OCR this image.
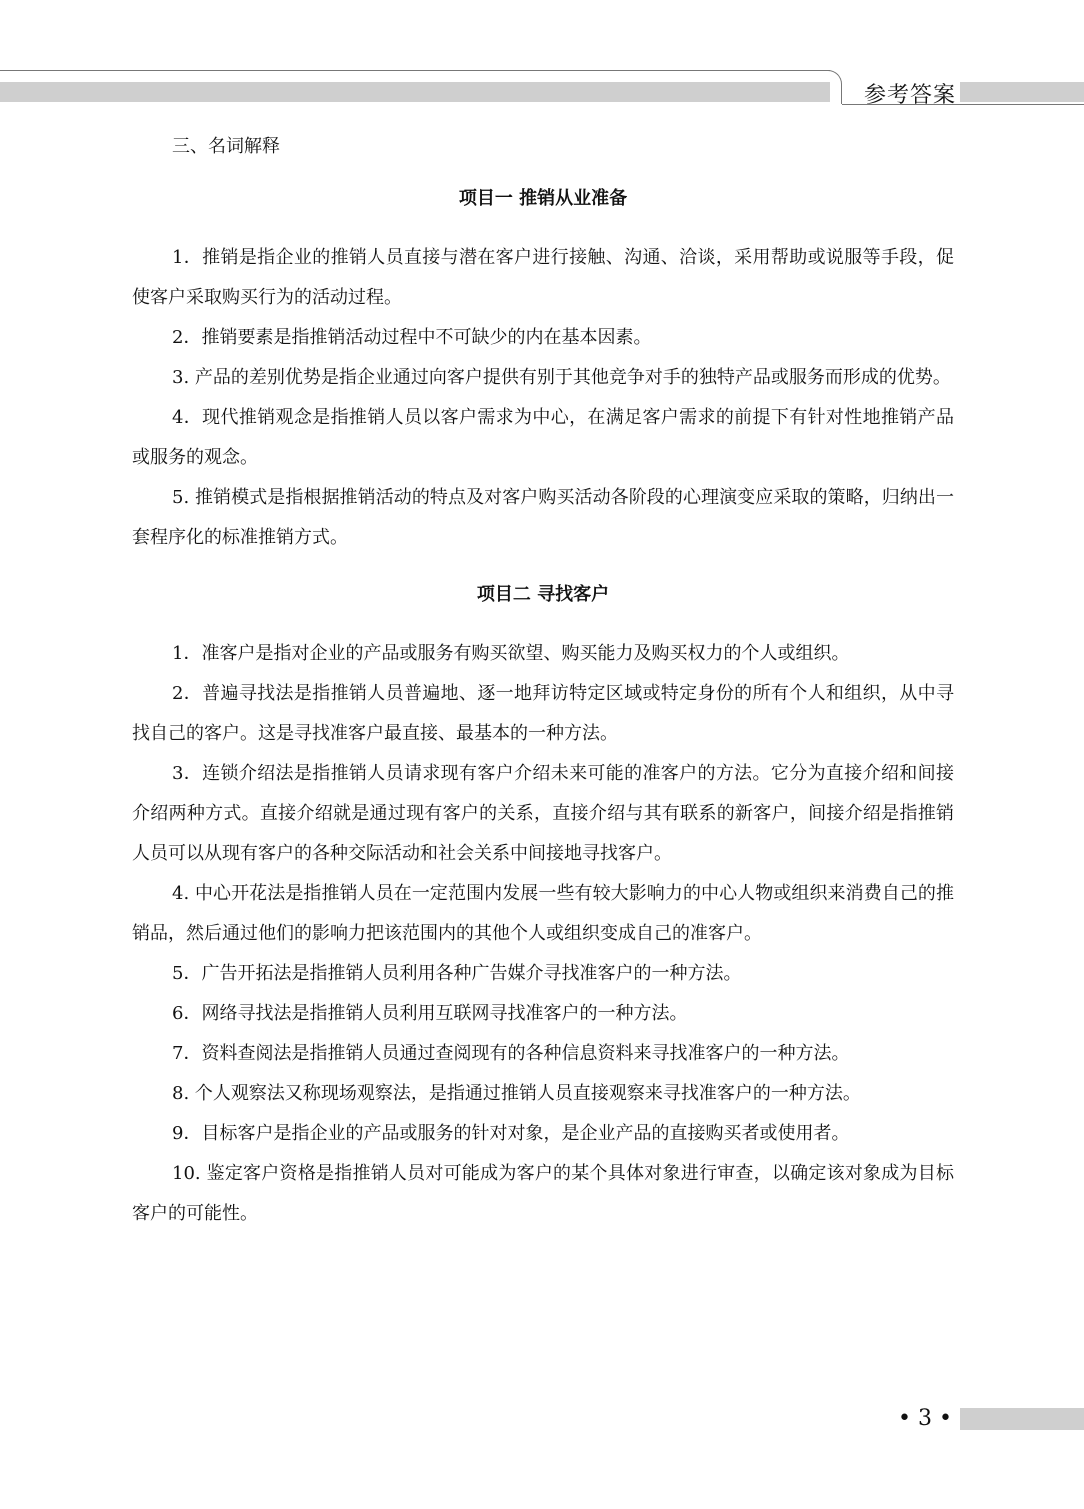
参考答案
三、名词解释
项目一 推销从业准备

1．推销是指企业的推销人员直接与潜在客户进行接触、沟通、洽谈，采用帮助或说服等手段，促使客户采取购买行为的活动过程。

2．推销要素是指推销活动过程中不可缺少的内在基本因素。

3. 产品的差别优势是指企业通过向客户提供有别于其他竞争对手的独特产品或服务而形成的优势。

4．现代推销观念是指推销人员以客户需求为中心，在满足客户需求的前提下有针对性地推销产品或服务的观念。

5. 推销模式是指根据推销活动的特点及对客户购买活动各阶段的心理演变应采取的策略，归纳出一套程序化的标准推销方式。

项目二 寻找客户

1．准客户是指对企业的产品或服务有购买欲望、购买能力及购买权力的个人或组织。

2．普遍寻找法是指推销人员普遍地、逐一地拜访特定区域或特定身份的所有个人和组织，从中寻找自己的客户。这是寻找准客户最直接、最基本的一种方法。

3．连锁介绍法是指推销人员请求现有客户介绍未来可能的准客户的方法。它分为直接介绍和间接介绍两种方式。直接介绍就是通过现有客户的关系，直接介绍与其有联系的新客户，间接介绍是指推销人员可以从现有客户的各种交际活动和社会关系中间接地寻找客户。

4. 中心开花法是指推销人员在一定范围内发展一些有较大影响力的中心人物或组织来消费自己的推销品，然后通过他们的影响力把该范围内的其他个人或组织变成自己的准客户。

5．广告开拓法是指推销人员利用各种广告媒介寻找准客户的一种方法。

6．网络寻找法是指推销人员利用互联网寻找准客户的一种方法。

7．资料查阅法是指推销人员通过查阅现有的各种信息资料来寻找准客户的一种方法。

8. 个人观察法又称现场观察法，是指通过推销人员直接观察来寻找准客户的一种方法。

9．目标客户是指企业的产品或服务的针对对象，是企业产品的直接购买者或使用者。

10. 鉴定客户资格是指推销人员对可能成为客户的某个具体对象进行审查，以确定该对象成为目标客户的可能性。

• 3 •
